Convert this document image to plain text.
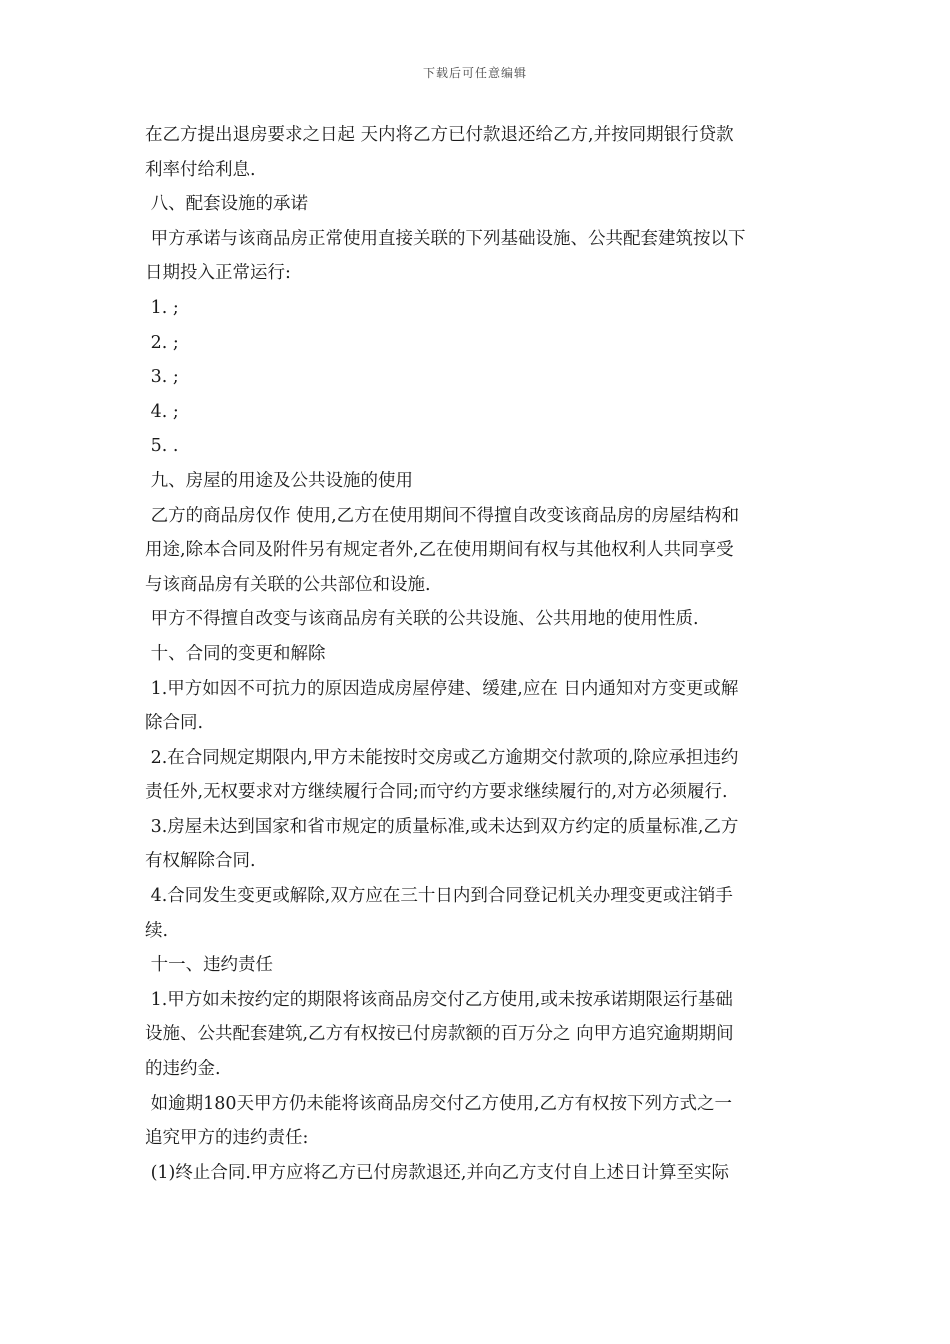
下载后可任意编辑
在乙方提出退房要求之日起 天内将乙方已付款退还给乙方,并按同期银行贷款
利率付给利息.
八、配套设施的承诺
甲方承诺与该商品房正常使用直接关联的下列基础设施、公共配套建筑按以下
日期投入正常运行:
1. ;
2. ;
3. ;
4. ;
5. .
九、房屋的用途及公共设施的使用
乙方的商品房仅作 使用,乙方在使用期间不得擅自改变该商品房的房屋结构和
用途,除本合同及附件另有规定者外,乙在使用期间有权与其他权利人共同享受
与该商品房有关联的公共部位和设施.
甲方不得擅自改变与该商品房有关联的公共设施、公共用地的使用性质.
十、合同的变更和解除
1.甲方如因不可抗力的原因造成房屋停建、缓建,应在 日内通知对方变更或解
除合同.
2.在合同规定期限内,甲方未能按时交房或乙方逾期交付款项的,除应承担违约
责任外,无权要求对方继续履行合同;而守约方要求继续履行的,对方必须履行.
3.房屋未达到国家和省市规定的质量标准,或未达到双方约定的质量标准,乙方
有权解除合同.
4.合同发生变更或解除,双方应在三十日内到合同登记机关办理变更或注销手
续.
十一、违约责任
1.甲方如未按约定的期限将该商品房交付乙方使用,或未按承诺期限运行基础
设施、公共配套建筑,乙方有权按已付房款额的百万分之 向甲方追究逾期期间
的违约金.
如逾期180天甲方仍未能将该商品房交付乙方使用,乙方有权按下列方式之一
追究甲方的违约责任:
(1)终止合同.甲方应将乙方已付房款退还,并向乙方支付自上述日计算至实际
